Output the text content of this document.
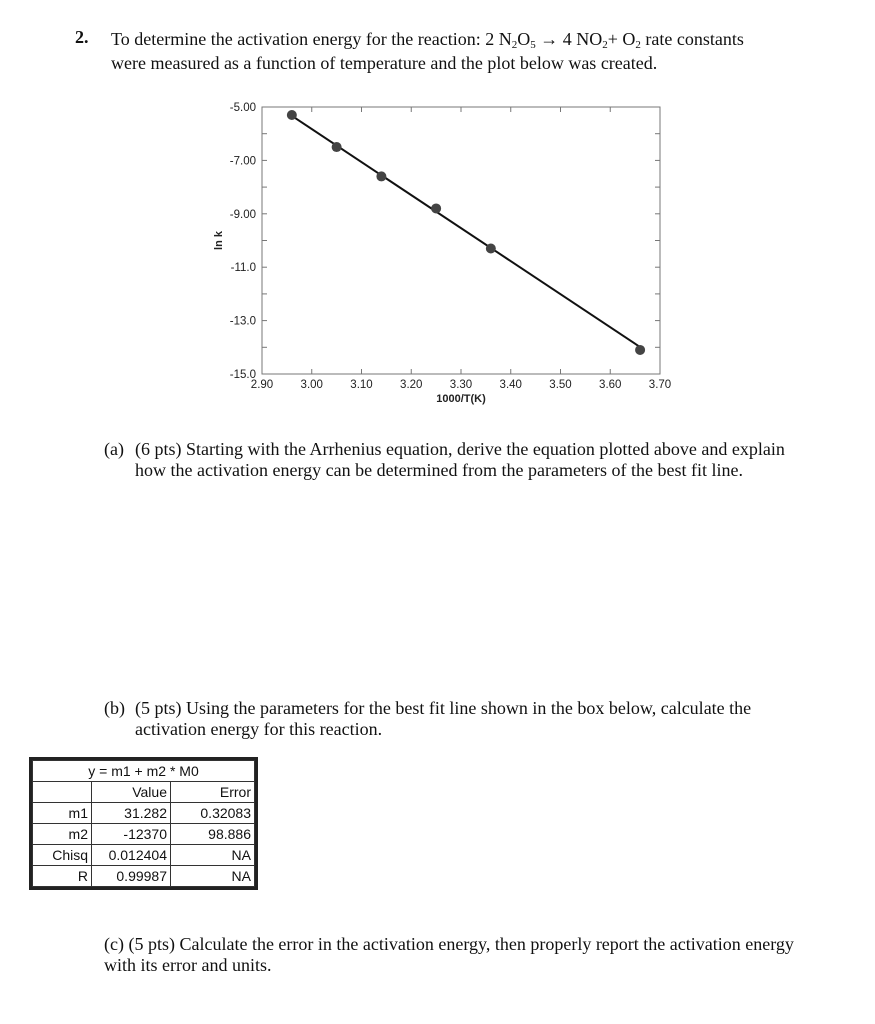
2. To determine the activation energy for the reaction: 2 $N_2O_5 \to 4$ $NO_2+ O_2$ rate constants
were measured as a function of temperature and the plot below was created.
2.90 3.00 3.10 3.20 3.30 3.40 3.50 3.60 3.70
-5.00
-7.00
-9.00
-11.0
-13.0
-15.0
1000/T(K)
ln k
(a) (6 pts) Starting with the Arrhenius equation, derive the equation plotted above and explain how the activation energy can be determined from the parameters of the best fit line.
(b) (5 pts) Using the parameters for the best fit line shown in the box below, calculate the activation energy for this reaction.
y = m1 + m2 * M0		
	Value	Error
m1	31.282	0.32083
m2	-12370	98.886
Chisq	0.012404	NA
R	0.99987	NA
(c) (5 pts) Calculate the error in the activation energy, then properly report the activation energy with its error and units.
